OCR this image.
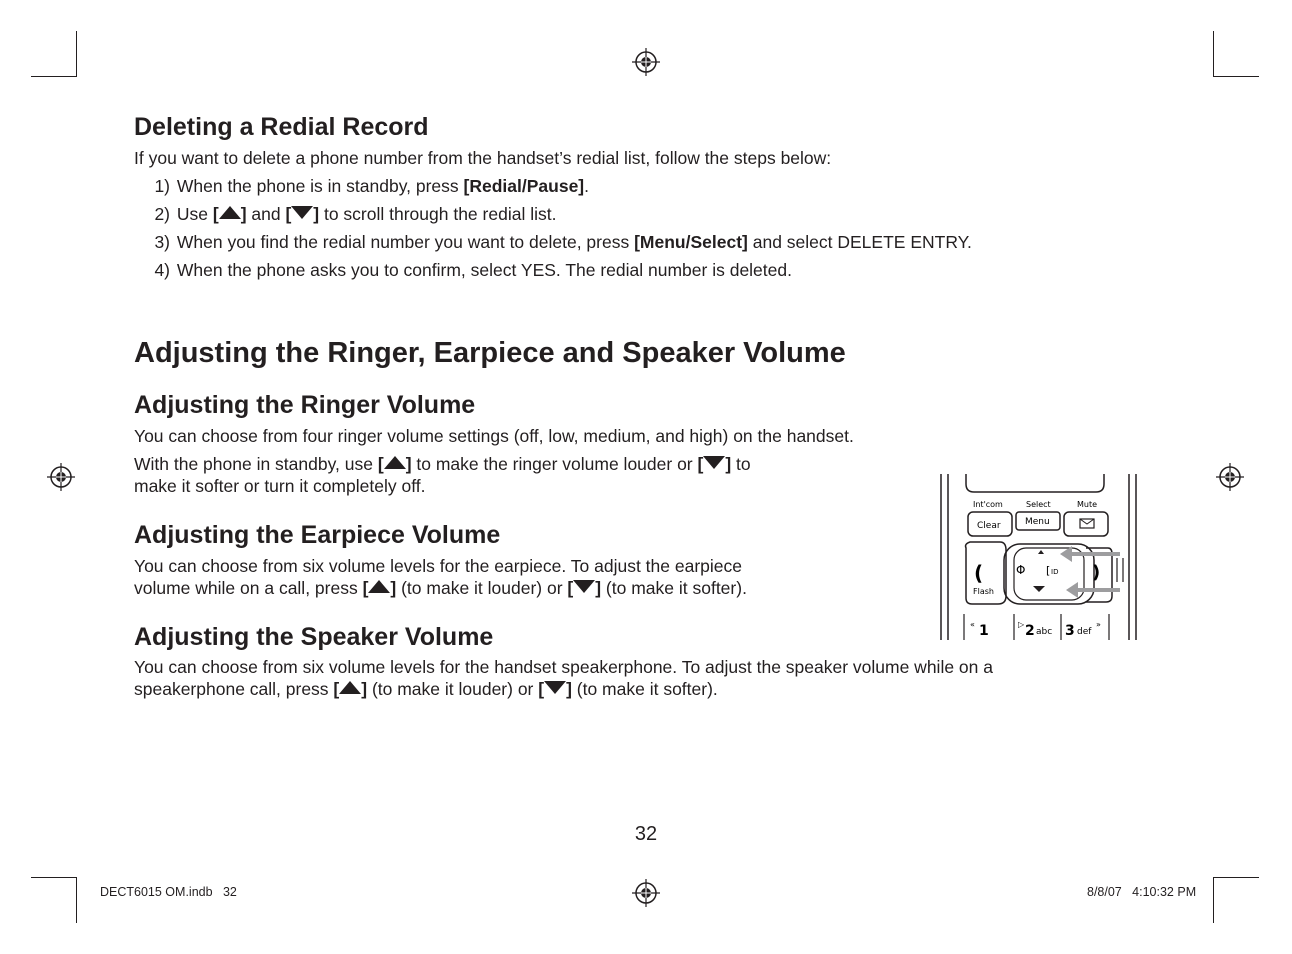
Deleting a Redial Record

If you want to delete a phone number from the handset’s redial list, follow the steps below:

1) When the phone is in standby, press [Redial/Pause].
2) Use [ ] and [ ] to scroll through the redial list.
3) When you find the redial number you want to delete, press [Menu/Select] and select DELETE ENTRY.
4) When the phone asks you to confirm, select YES. The redial number is deleted.
Adjusting the Ringer, Earpiece and Speaker Volume
Adjusting the Ringer Volume

You can choose from four ringer volume settings (off, low, medium, and high) on the handset.

With the phone in standby, use [ ] to make the ringer volume louder or [ ] to
make it softer or turn it completely off.

Adjusting the Earpiece Volume

You can choose from six volume levels for the earpiece. To adjust the earpiece
volume while on a call, press [ ] (to make it louder) or [ ] (to make it softer).

Adjusting the Speaker Volume

You can choose from six volume levels for the handset speakerphone. To adjust the speaker volume while on a
speakerphone call, press [ ] (to make it louder) or [ ] (to make it softer).

Int'com	Select	Mute
Clear	Menu
(
Flash
Φ [ ID )
« 1	▷ 2 abc 3 def
»
32
DECT6015 OM.indb   32	8/8/07   4:10:32 PM
